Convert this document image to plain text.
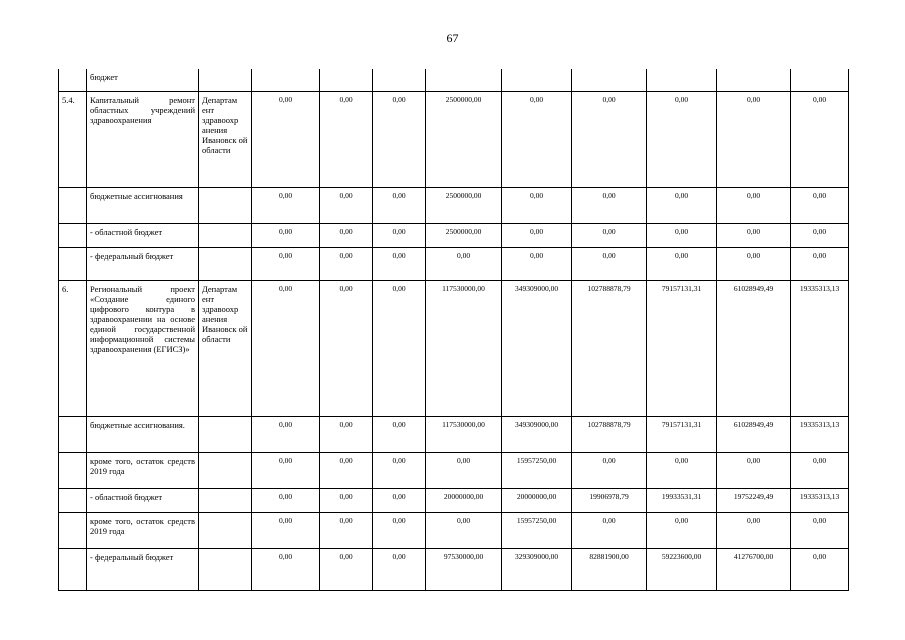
67
	бюджет										
5.4.	Капитальный ремонт областных учреждений здравоохранения	Департам ент здравоохр анения Ивановск ой области	0,00	0,00	0,00	2500000,00	0,00	0,00	0,00	0,00	0,00
	бюджетные ассигнования		0,00	0,00	0,00	2500000,00	0,00	0,00	0,00	0,00	0,00
	- областной бюджет		0,00	0,00	0,00	2500000,00	0,00	0,00	0,00	0,00	0,00
	- федеральный бюджет		0,00	0,00	0,00	0,00	0,00	0,00	0,00	0,00	0,00
6.	Региональный проект «Создание единого цифрового контура в здравоохранении на основе единой государственной информационной системы здравоохранения (ЕГИСЗ)»	Департам ент здравоохр анения Ивановск ой области	0,00	0,00	0,00	117530000,00	349309000,00	102788878,79	79157131,31	61028949,49	19335313,13
	бюджетные ассигнования.		0,00	0,00	0,00	117530000,00	349309000,00	102788878,79	79157131,31	61028949,49	19335313,13
	кроме того, остаток средств 2019 года		0,00	0,00	0,00	0,00	15957250,00	0,00	0,00	0,00	0,00
	- областной бюджет		0,00	0,00	0,00	20000000,00	20000000,00	19906978,79	19933531,31	19752249,49	19335313,13
	кроме того, остаток средств 2019 года		0,00	0,00	0,00	0,00	15957250,00	0,00	0,00	0,00	0,00
	- федеральный бюджет		0,00	0,00	0,00	97530000,00	329309000,00	82881900,00	59223600,00	41276700,00	0,00
